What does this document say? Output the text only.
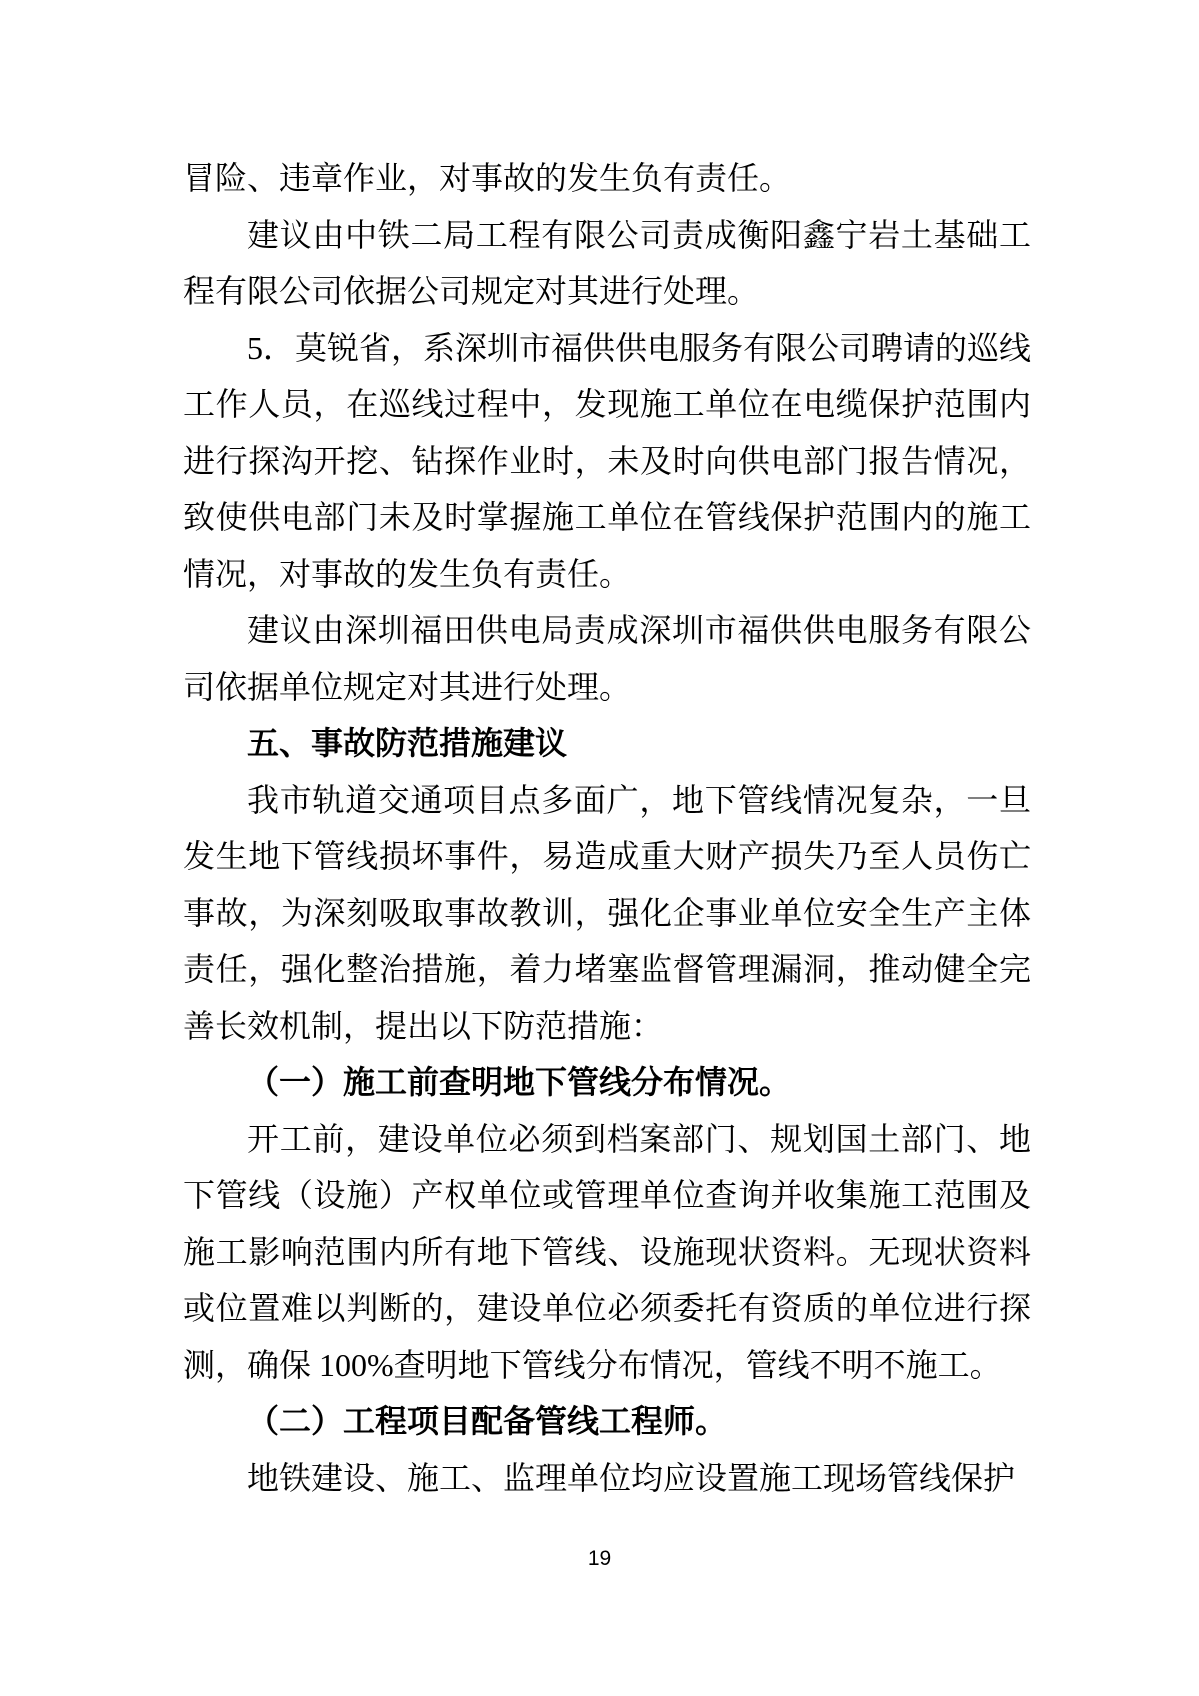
冒险、违章作业，对事故的发生负有责任。

建议由中铁二局工程有限公司责成衡阳鑫宁岩土基础工程有限公司依据公司规定对其进行处理。

5．莫锐省，系深圳市福供供电服务有限公司聘请的巡线工作人员，在巡线过程中，发现施工单位在电缆保护范围内进行探沟开挖、钻探作业时，未及时向供电部门报告情况，致使供电部门未及时掌握施工单位在管线保护范围内的施工情况，对事故的发生负有责任。

建议由深圳福田供电局责成深圳市福供供电服务有限公司依据单位规定对其进行处理。

五、事故防范措施建议

我市轨道交通项目点多面广，地下管线情况复杂，一旦发生地下管线损坏事件，易造成重大财产损失乃至人员伤亡事故，为深刻吸取事故教训，强化企事业单位安全生产主体责任，强化整治措施，着力堵塞监督管理漏洞，推动健全完善长效机制，提出以下防范措施：

（一）施工前查明地下管线分布情况。

开工前，建设单位必须到档案部门、规划国土部门、地下管线（设施）产权单位或管理单位查询并收集施工范围及施工影响范围内所有地下管线、设施现状资料。无现状资料或位置难以判断的，建设单位必须委托有资质的单位进行探测，确保 100%查明地下管线分布情况，管线不明不施工。

（二）工程项目配备管线工程师。

地铁建设、施工、监理单位均应设置施工现场管线保护

19
